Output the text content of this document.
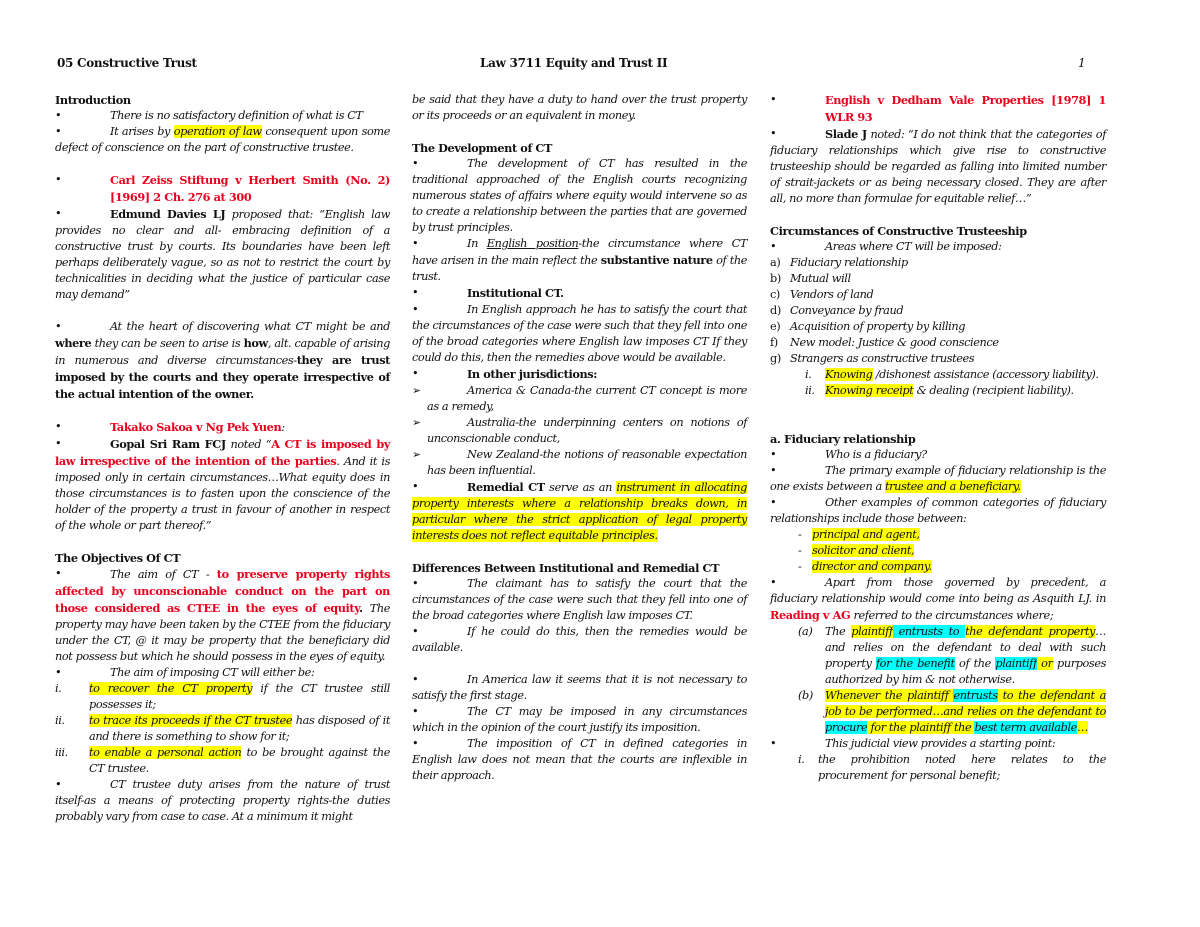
05 Constructive Trust	Law 3711 Equity and Trust II	1

Introduction

• There is no satisfactory definition of what is CT

• It arises by operation of law consequent upon some defect of conscience on the part of constructive trustee.

• Carl Zeiss Stiftung v Herbert Smith (No. 2) [1969] 2 Ch. 276 at 300

• Edmund Davies LJ proposed that: “English law provides no clear and all- embracing definition of a constructive trust by courts. Its boundaries have been left perhaps deliberately vague, so as not to restrict the court by technicalities in deciding what the justice of particular case may demand”

• At the heart of discovering what CT might be and where they can be seen to arise is how, alt. capable of arising in numerous and diverse circumstances-they are trust imposed by the courts and they operate irrespective of the actual intention of the owner.

• Takako Sakoa v Ng Pek Yuen:

• Gopal Sri Ram FCJ noted “A CT is imposed by law irrespective of the intention of the parties. And it is imposed only in certain circumstances…What equity does in those circumstances is to fasten upon the conscience of the holder of the property a trust in favour of another in respect of the whole or part thereof.”

The Objectives Of CT

• The aim of CT - to preserve property rights affected by unconscionable conduct on the part on those considered as CTEE in the eyes of equity. The property may have been taken by the CTEE from the fiduciary under the CT, @ it may be property that the beneficiary did not possess but which he should possess in the eyes of equity.

• The aim of imposing CT will either be:

i. to recover the CT property if the CT trustee still possesses it;

ii. to trace its proceeds if the CT trustee has disposed of it and there is something to show for it;

iii. to enable a personal action to be brought against the CT trustee.

• CT trustee duty arises from the nature of trust itself-as a means of protecting property rights-the duties probably vary from case to case. At a minimum it might

be said that they have a duty to hand over the trust property or its proceeds or an equivalent in money.

The Development of CT

• The development of CT has resulted in the traditional approached of the English courts recognizing numerous states of affairs where equity would intervene so as to create a relationship between the parties that are governed by trust principles.

• In English position-the circumstance where CT have arisen in the main reflect the substantive nature of the trust.

• Institutional CT.

• In English approach he has to satisfy the court that the circumstances of the case were such that they fell into one of the broad categories where English law imposes CT If they could do this, then the remedies above would be available.

• In other jurisdictions:

➢ America & Canada-the current CT concept is more as a remedy,

➢ Australia-the underpinning centers on notions of unconscionable conduct,

➢ New Zealand-the notions of reasonable expectation has been influential.

• Remedial CT serve as an instrument in allocating property interests where a relationship breaks down, in particular where the strict application of legal property interests does not reflect equitable principles.

Differences Between Institutional and Remedial CT

• The claimant has to satisfy the court that the circumstances of the case were such that they fell into one of the broad categories where English law imposes CT.

• If he could do this, then the remedies would be available.

• In America law it seems that it is not necessary to satisfy the first stage.

• The CT may be imposed in any circumstances which in the opinion of the court justify its imposition.

• The imposition of CT in defined categories in English law does not mean that the courts are inflexible in their approach.

• English v Dedham Vale Properties [1978] 1 WLR 93

• Slade J noted: “I do not think that the categories of fiduciary relationships which give rise to constructive trusteeship should be regarded as falling into limited number of strait-jackets or as being necessary closed. They are after all, no more than formulae for equitable relief…”

Circumstances of Constructive Trusteeship

• Areas where CT will be imposed:

a) Fiduciary relationship

b) Mutual will

c) Vendors of land

d) Conveyance by fraud

e) Acquisition of property by killing

f) New model: Justice & good conscience

g) Strangers as constructive trustees

i. Knowing /dishonest assistance (accessory liability).

ii. Knowing receipt & dealing (recipient liability).

a. Fiduciary relationship

• Who is a fiduciary?

• The primary example of fiduciary relationship is the one exists between a trustee and a beneficiary.

• Other examples of common categories of fiduciary relationships include those between:

- principal and agent,

- solicitor and client,

- director and company.

• Apart from those governed by precedent, a fiduciary relationship would come into being as Asquith LJ. in Reading v AG referred to the circumstances where;

(a) The plaintiff entrusts to the defendant property… and relies on the defendant to deal with such property for the benefit of the plaintiff or purposes authorized by him & not otherwise.

(b) Whenever the plaintiff entrusts to the defendant a job to be performed…and relies on the defendant to procure for the plaintiff the best term available…

• This judicial view provides a starting point:

i. the prohibition noted here relates to the procurement for personal benefit;
